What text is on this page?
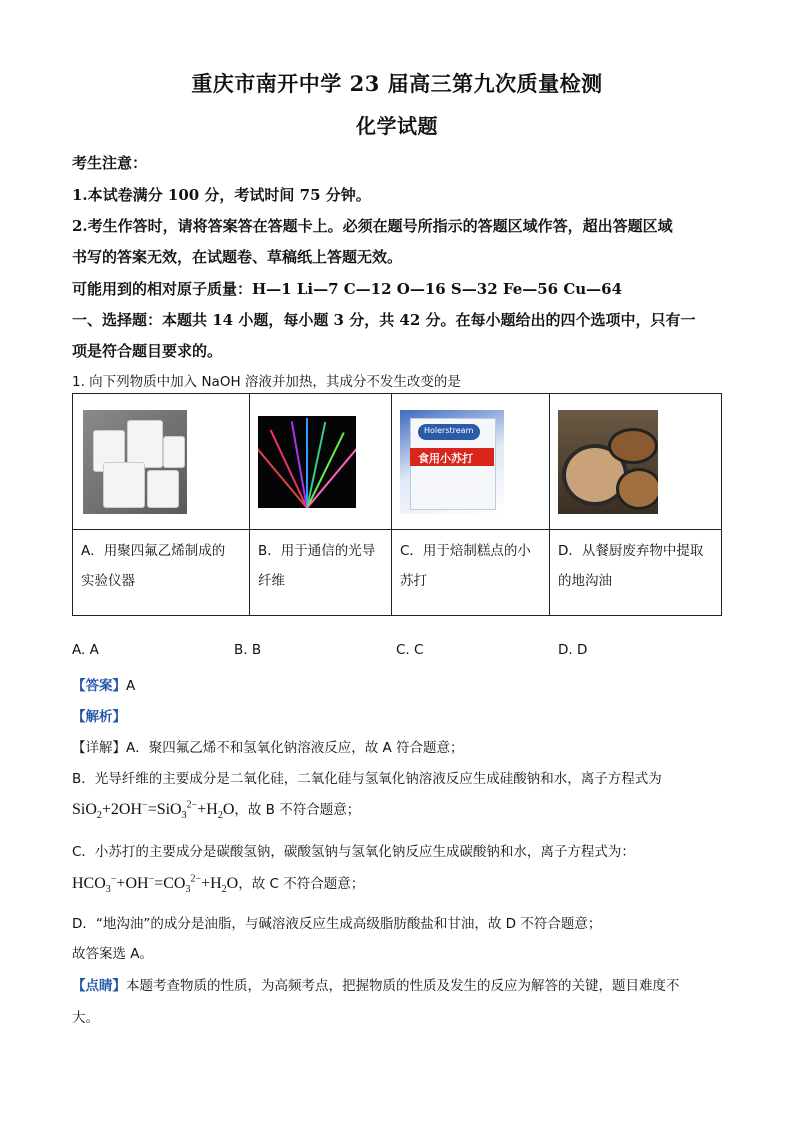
重庆市南开中学 23 届高三第九次质量检测
化学试题
考生注意：
1.本试卷满分 100 分，考试时间 75 分钟。
2.考生作答时，请将答案答在答题卡上。必须在题号所指示的答题区域作答，超出答题区域
书写的答案无效，在试题卷、草稿纸上答题无效。
可能用到的相对原子质量：H—1 Li—7 C—12 O—16 S—32 Fe—56 Cu—64
一、选择题：本题共 14 小题，每小题 3 分，共 42 分。在每小题给出的四个选项中，只有一
项是符合题目要求的。
1. 向下列物质中加入 NaOH 溶液并加热，其成分不发生改变的是

		Holerstream
食用小苏打	

A．用聚四氟乙烯制成的
实验仪器	B．用于通信的光导
纤维	C．用于焙制糕点的小
苏打	D．从餐厨废弃物中提取
的地沟油
A. A	B. B	C. C	D. D
【答案】A
【解析】
【详解】A．聚四氟乙烯不和氢氧化钠溶液反应，故 A 符合题意；
B．光导纤维的主要成分是二氧化硅，二氧化硅与氢氧化钠溶液反应生成硅酸钠和水，离子方程式为
$SiO_2+2OH^-=SiO_3^{2-}+H_2O$，故 B 不符合题意；
C．小苏打的主要成分是碳酸氢钠，碳酸氢钠与氢氧化钠反应生成碳酸钠和水，离子方程式为：
$HCO_3^-+OH^-=CO_3^{2-}+H_2O$，故 C 不符合题意；
D．“地沟油”的成分是油脂，与碱溶液反应生成高级脂肪酸盐和甘油，故 D 不符合题意；
故答案选 A。
【点睛】本题考查物质的性质，为高频考点，把握物质的性质及发生的反应为解答的关键，题目难度不
大。
